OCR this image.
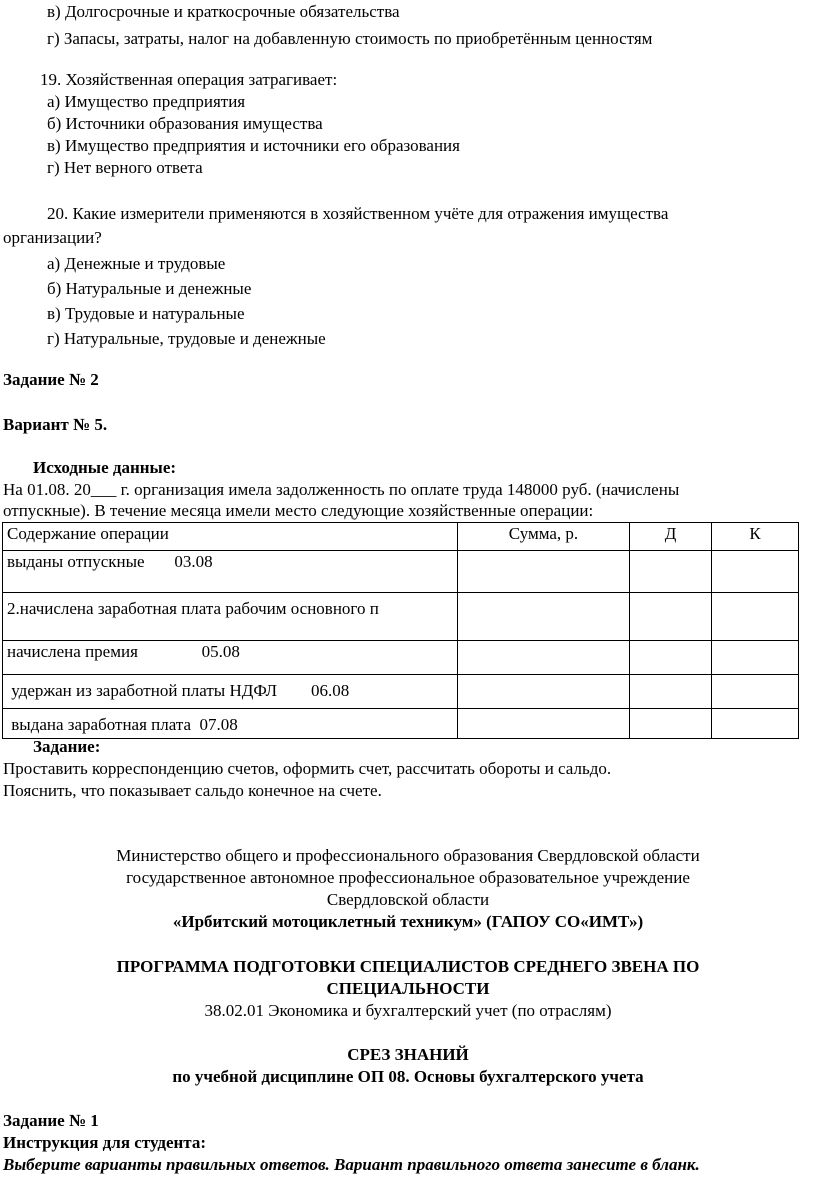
в) Долгосрочные и краткосрочные обязательства
г) Запасы, затраты, налог на добавленную стоимость по приобретённым ценностям
19. Хозяйственная операция затрагивает:
а) Имущество предприятия
б) Источники образования имущества
в) Имущество предприятия и источники его образования
г) Нет верного ответа
20. Какие измерители применяются в хозяйственном учёте для отражения имущества
организации?
а) Денежные и трудовые
б) Натуральные и денежные
в) Трудовые и натуральные
г) Натуральные, трудовые и денежные
Задание № 2
Вариант № 5.
Исходные данные:
На 01.08. 20___ г. организация имела задолженность по оплате труда 148000 руб. (начислены
отпускные). В течение месяца имели место следующие хозяйственные операции:
Содержание операции	Сумма, р.	Д	К
выданы отпускные       03.08			
2.начислена заработная плата рабочим основного п			
начислена премия               05.08			
удержан из заработной платы НДФЛ        06.08			
выдана заработная плата  07.08			
Задание:
Проставить корреспонденцию счетов, оформить счет, рассчитать обороты и сальдо.
Пояснить, что показывает сальдо конечное на счете.
Министерство общего и профессионального образования Свердловской области
государственное автономное профессиональное образовательное учреждение
Свердловской области
«Ирбитский мотоциклетный техникум» (ГАПОУ СО«ИМТ»)
ПРОГРАММА ПОДГОТОВКИ СПЕЦИАЛИСТОВ СРЕДНЕГО ЗВЕНА ПО
СПЕЦИАЛЬНОСТИ
38.02.01 Экономика и бухгалтерский учет (по отраслям)
СРЕЗ ЗНАНИЙ
по учебной дисциплине ОП 08. Основы бухгалтерского учета
Задание № 1
Инструкция для студента:
Выберите варианты правильных ответов. Вариант правильного ответа занесите в бланк.
